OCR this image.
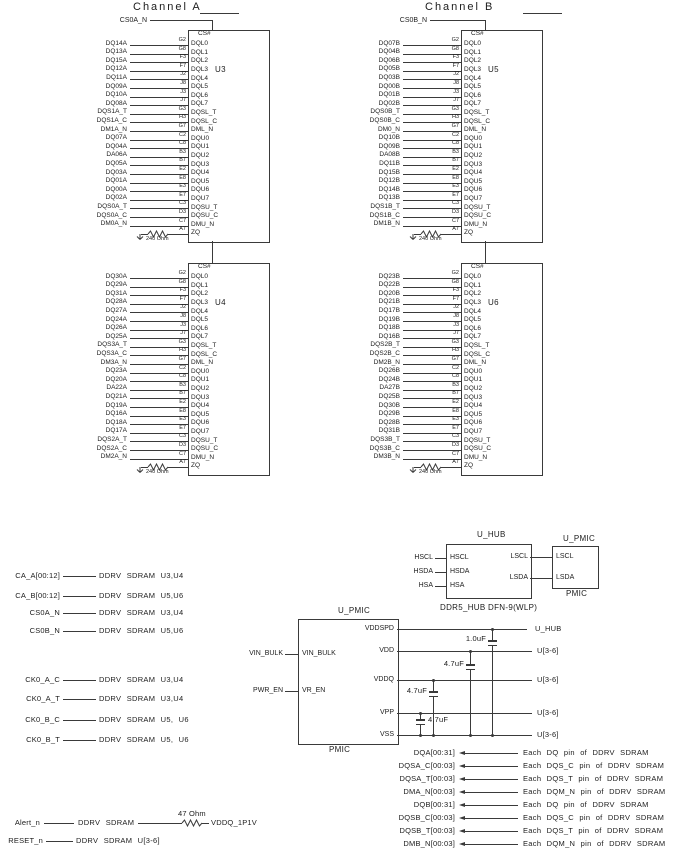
Channel A
CS0A_N
CS#
U3
DQ14A	G2
DQL0
DQ13A	G8
DQL1
DQ15A	F3
DQL2
DQ12A	F7
DQL3
DQ11A	J2
DQL4
DQ09A	J8
DQL5
DQ10A	J3
DQL6
DQ08A	J7
DQL7
DQS1A_T	G3
DQSL_T
DQS1A_C	H3
DQSL_C
DM1A_N	G7
DML_N
DQ07A	C2
DQU0
DQ04A	C8
DQU1
DA06A	B3
DQU2
DQ05A	B7
DQU3
DQ03A	E2
DQU4
DQ01A	E8
DQU5
DQ00A	E3
DQU6
DQ02A	E7
DQU7
DQS0A_T	C3
DQSU_T
DQS0A_C	D3
DQSU_C
DM0A_N	C7
DMU_N
ZQ
A7
240 Ohm
CS#
U4
DQ30A	G2
DQL0
DQ29A	G8
DQL1
DQ31A	F3
DQL2
DQ28A	F7
DQL3
DQ27A	J2
DQL4
DQ24A	J8
DQL5
DQ26A	J3
DQL6
DQ25A	J7
DQL7
DQS3A_T	G3
DQSL_T
DQS3A_C	H3
DQSL_C
DM3A_N	G7
DML_N
DQ23A	C2
DQU0
DQ20A	C8
DQU1
DA22A	B3
DQU2
DQ21A	B7
DQU3
DQ19A	E2
DQU4
DQ16A	E8
DQU5
DQ18A	E3
DQU6
DQ17A	E7
DQU7
DQS2A_T	C3
DQSU_T
DQS2A_C	D3
DQSU_C
DM2A_N	C7
DMU_N
ZQ
A7
240 Ohm
Channel B
CS0B_N
CS#
U5
DQ07B	G2
DQL0
DQ04B	G8
DQL1
DQ06B	F3
DQL2
DQ05B	F7
DQL3
DQ03B	J2
DQL4
DQ00B	J8
DQL5
DQ01B	J3
DQL6
DQ02B	J7
DQL7
DQS0B_T	G3
DQSL_T
DQS0B_C	H3
DQSL_C
DM0_N	G7
DML_N
DQ10B	C2
DQU0
DQ09B	C8
DQU1
DA08B	B3
DQU2
DQ11B	B7
DQU3
DQ15B	E2
DQU4
DQ12B	E8
DQU5
DQ14B	E3
DQU6
DQ13B	E7
DQU7
DQS1B_T	C3
DQSU_T
DQS1B_C	D3
DQSU_C
DM1B_N	C7
DMU_N
ZQ
A7
240 Ohm
CS#
U6
DQ23B	G2
DQL0
DQ22B	G8
DQL1
DQ20B	F3
DQL2
DQ21B	F7
DQL3
DQ17B	J2
DQL4
DQ19B	J8
DQL5
DQ18B	J3
DQL6
DQ16B	J7
DQL7
DQS2B_T	G3
DQSL_T
DQS2B_C	H3
DQSL_C
DM2B_N	G7
DML_N
DQ26B	C2
DQU0
DQ24B	C8
DQU1
DA27B	B3
DQU2
DQ25B	B7
DQU3
DQ30B	E2
DQU4
DQ29B	E8
DQU5
DQ28B	E3
DQU6
DQ31B	E7
DQU7
DQS3B_T	C3
DQSU_T
DQS3B_C	D3
DQSU_C
DM3B_N	C7
DMU_N
ZQ
A7
240 Ohm
CA_A[00:12]	DDRV SDRAM U3,U4
CA_B[00:12]	DDRV SDRAM U5,U6
CS0A_N	DDRV SDRAM U3,U4
CS0B_N	DDRV SDRAM U5,U6
CK0_A_C	DDRV SDRAM U3,U4
CK0_A_T	DDRV SDRAM U3,U4
CK0_B_C	DDRV SDRAM U5, U6
CK0_B_T	DDRV SDRAM U5, U6
Alert_n	DDRV SDRAM
47 Ohm
VDDQ_1P1V
RESET_n	DDRV SDRAM U[3-6]
U_HUB
HSCL HSCL
HSDA HSDA
HSA HSA
LSCL	LSCL
LSDA	LSDA
U_PMIC
PMIC
DDR5_HUB DFN-9(WLP)
U_PMIC
PMIC
VIN_BULK	VIN_BULK
PWR_EN	VR_EN
VDDSPD	U_HUB
VDD	U[3-6]
VDDQ	U[3-6]
VPP	U[3-6]
VSS	U[3-6]
1.0uF
4.7uF
4.7uF
4.7uF
DQA[00:31]	Each DQ pin of DDRV SDRAM
DQSA_C[00:03]	Each DQS_C pin of DDRV SDRAM
DQSA_T[00:03]	Each DQS_T pin of DDRV SDRAM
DMA_N[00:03]	Each DQM_N pin of DDRV SDRAM
DQB[00:31]	Each DQ pin of DDRV SDRAM
DQSB_C[00:03]	Each DQS_C pin of DDRV SDRAM
DQSB_T[00:03]	Each DQS_T pin of DDRV SDRAM
DMB_N[00:03]	Each DQM_N pin of DDRV SDRAM
